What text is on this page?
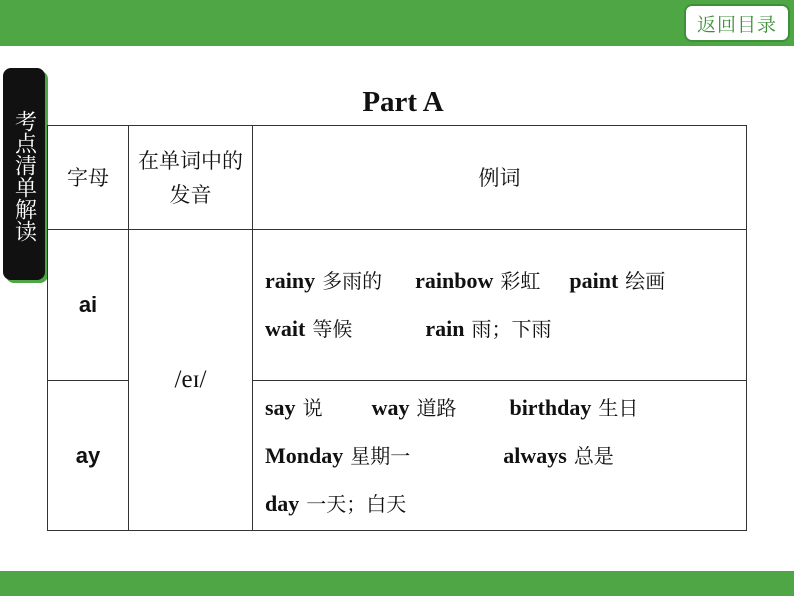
返回目录
考点清单解读
Part A
字母	在单词中的发音	例词
ai	/eɪ/	rainy 多雨的 rainbow 彩虹 paint 绘画
wait 等候 rain 雨；下雨

ay		say 说 way 道路 birthday 生日
Monday 星期一 always 总是
day 一天；白天
